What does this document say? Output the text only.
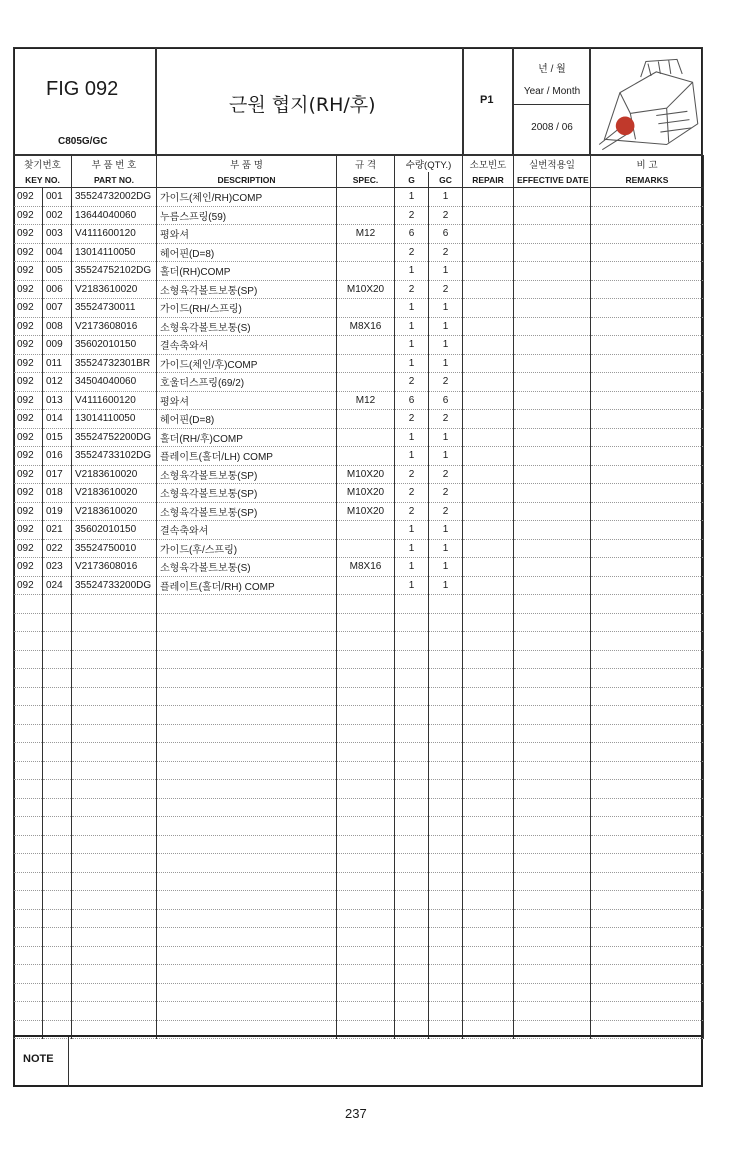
FIG 092
C805G/GC
근원 협지(RH/후)	P1
년 / 월
Year / Month
2008 / 06
찾기번호		부 품 번 호	부 품 명	규 격	수량(QTY.)		소모빈도	실번적용일	비 고
KEY NO.		PART NO.	DESCRIPTION	SPEC.	G	GC	REPAIR	EFFECTIVE DATE	REMARKS
092	001	35524732002DG	가이드(체인/RH)COMP		1	1			
092	002	13644040060	누름스프링(59)		2	2			
092	003	V4111600120	평와셔	M12	6	6			
092	004	13014110050	헤어핀(D=8)		2	2			
092	005	35524752102DG	홀더(RH)COMP		1	1			
092	006	V2183610020	소형육각볼트보통(SP)	M10X20	2	2			
092	007	35524730011	가이드(RH/스프링)		1	1			
092	008	V2173608016	소형육각볼트보통(S)	M8X16	1	1			
092	009	35602010150	결속축와셔		1	1			
092	011	35524732301BR	가이드(체인/후)COMP		1	1			
092	012	34504040060	호울더스프링(69/2)		2	2			
092	013	V4111600120	평와셔	M12	6	6			
092	014	13014110050	헤어핀(D=8)		2	2			
092	015	35524752200DG	홀더(RH/후)COMP		1	1			
092	016	35524733102DG	플레이트(홀더/LH) COMP		1	1			
092	017	V2183610020	소형육각볼트보통(SP)	M10X20	2	2			
092	018	V2183610020	소형육각볼트보통(SP)	M10X20	2	2			
092	019	V2183610020	소형육각볼트보통(SP)	M10X20	2	2			
092	021	35602010150	결속축와셔		1	1			
092	022	35524750010	가이드(후/스프링)		1	1			
092	023	V2173608016	소형육각볼트보통(S)	M8X16	1	1			
092	024	35524733200DG	플레이트(홀더/RH) COMP		1	1			

NOTE
237
